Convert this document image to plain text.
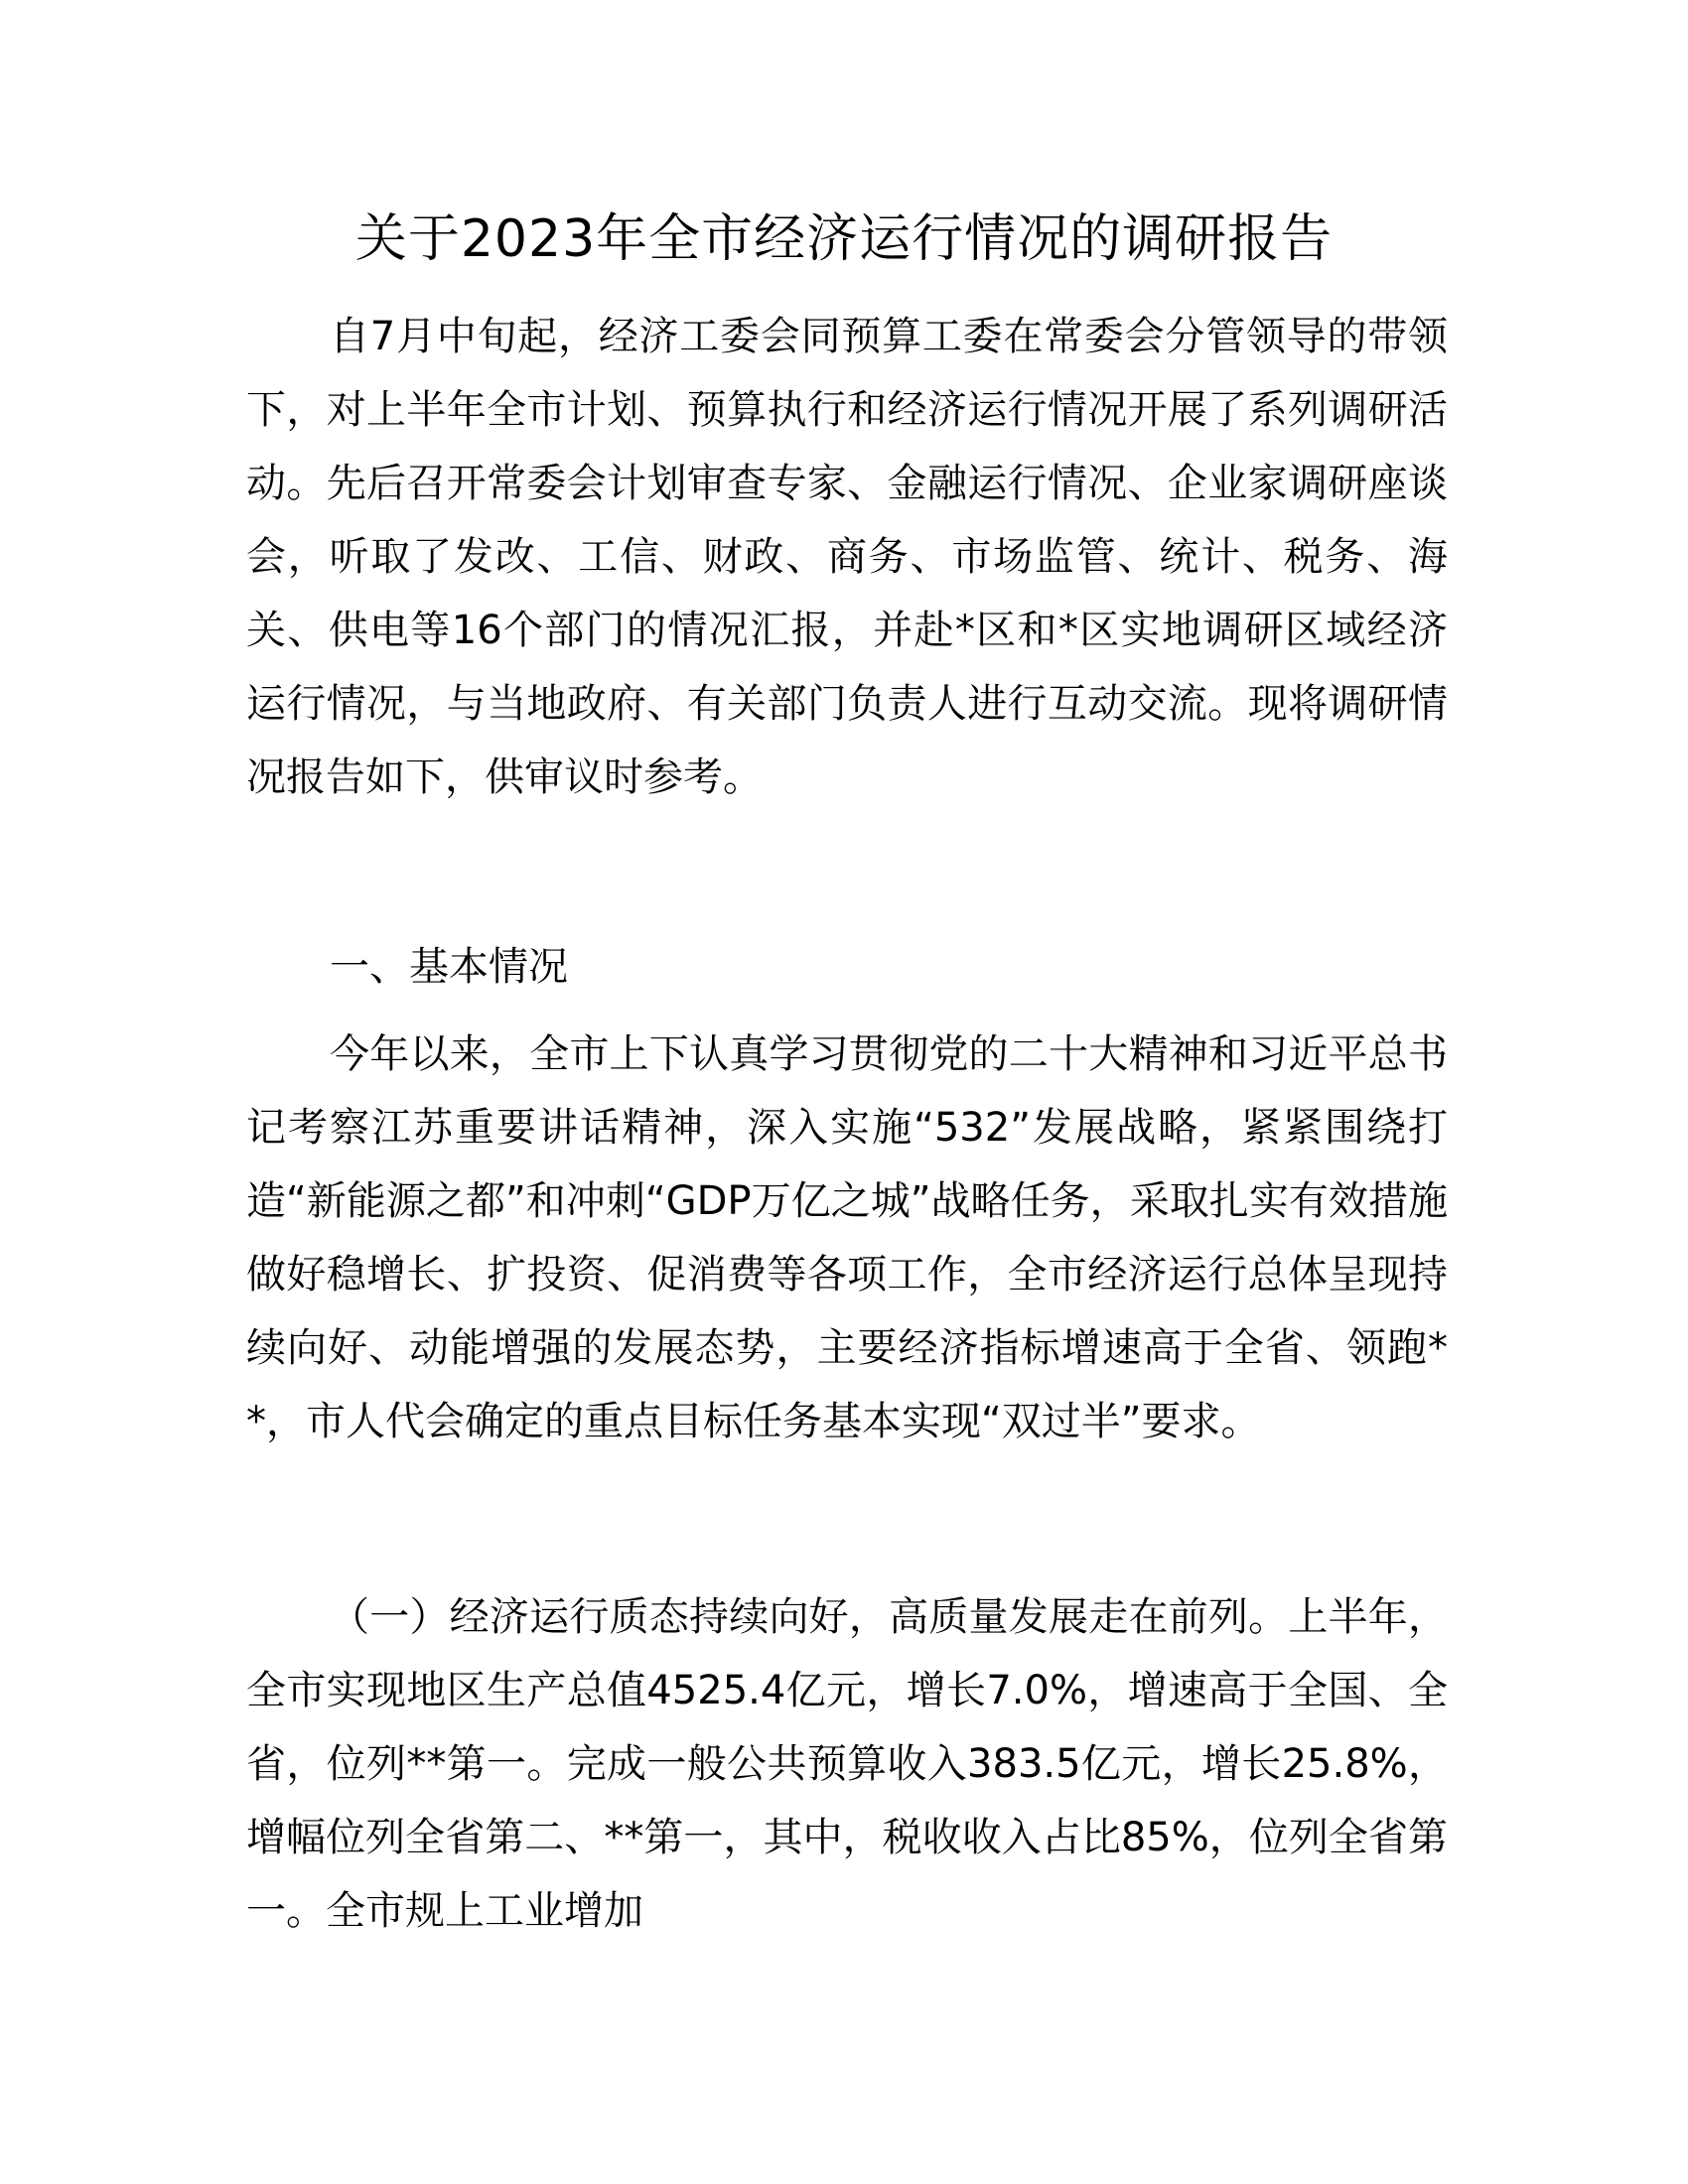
关于2023年全市经济运行情况的调研报告
自7月中旬起，经济工委会同预算工委在常委会分管领导的带领下，对上半年全市计划、预算执行和经济运行情况开展了系列调研活动。先后召开常委会计划审查专家、金融运行情况、企业家调研座谈会，听取了发改、工信、财政、商务、市场监管、统计、税务、海关、供电等16个部门的情况汇报，并赴*区和*区实地调研区域经济运行情况，与当地政府、有关部门负责人进行互动交流。现将调研情况报告如下，供审议时参考。
一、基本情况
今年以来，全市上下认真学习贯彻党的二十大精神和习近平总书记考察江苏重要讲话精神，深入实施“532”发展战略，紧紧围绕打造“新能源之都”和冲刺“GDP万亿之城”战略任务，采取扎实有效措施做好稳增长、扩投资、促消费等各项工作，全市经济运行总体呈现持续向好、动能增强的发展态势，主要经济指标增速高于全省、领跑**，市人代会确定的重点目标任务基本实现“双过半”要求。
（一）经济运行质态持续向好，高质量发展走在前列。上半年，全市实现地区生产总值4525.4亿元，增长7.0%，增速高于全国、全省，位列**第一。完成一般公共预算收入383.5亿元，增长25.8%，增幅位列全省第二、**第一，其中，税收收入占比85%，位列全省第一。全市规上工业增加
